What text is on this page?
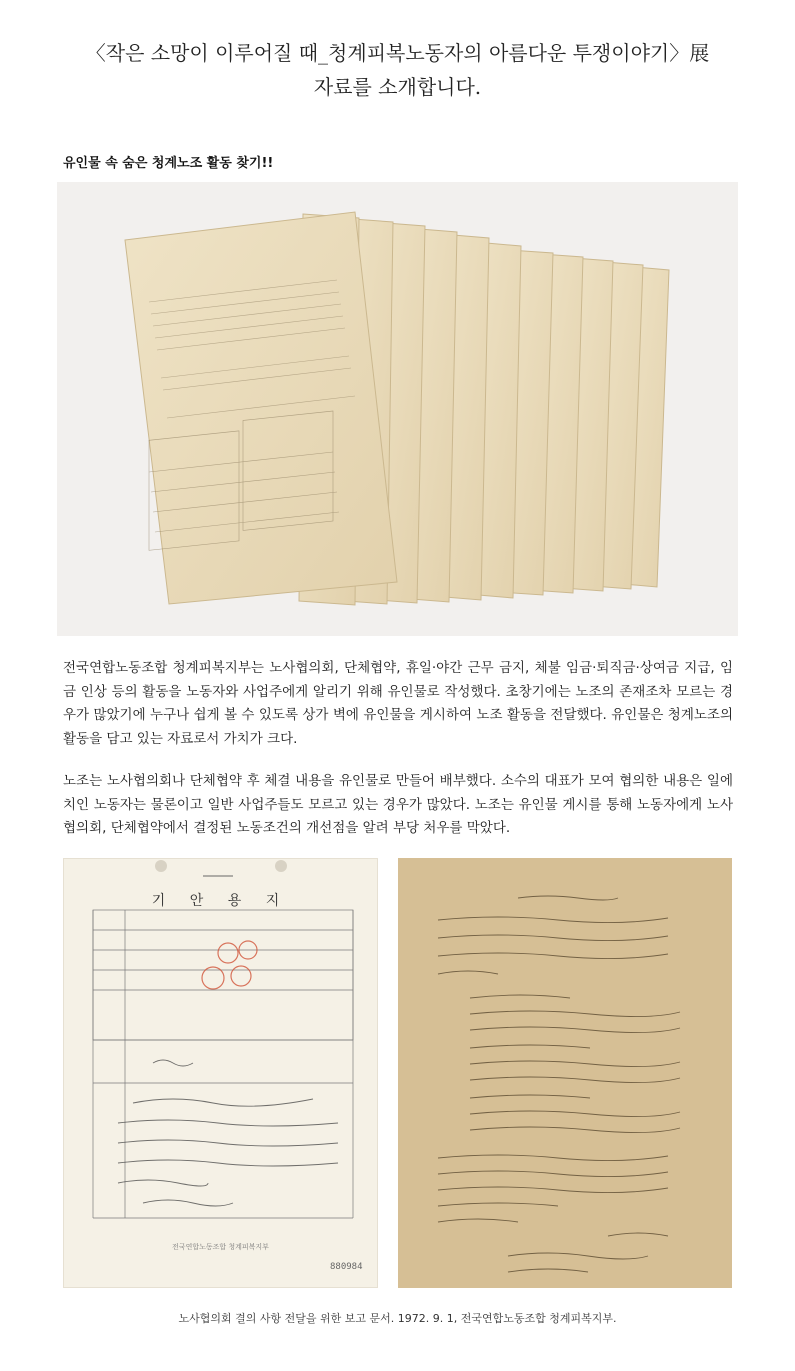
〈작은 소망이 이루어질 때_청계피복노동자의 아름다운 투쟁이야기〉展
자료를 소개합니다.
유인물 속 숨은 청계노조 활동 찾기!!

전국연합노동조합 청계피복지부는 노사협의회, 단체협약, 휴일·야간 근무 금지, 체불 임금·퇴직금·상여금 지급, 임금 인상 등의 활동을 노동자와 사업주에게 알리기 위해 유인물로 작성했다. 초창기에는 노조의 존재조차 모르는 경우가 많았기에 누구나 쉽게 볼 수 있도록 상가 벽에 유인물을 게시하여 노조 활동을 전달했다. 유인물은 청계노조의 활동을 담고 있는 자료로서 가치가 크다.

노조는 노사협의회나 단체협약 후 체결 내용을 유인물로 만들어 배부했다. 소수의 대표가 모여 협의한 내용은 일에 치인 노동자는 물론이고 일반 사업주들도 모르고 있는 경우가 많았다. 노조는 유인물 게시를 통해 노동자에게 노사협의회, 단체협약에서 결정된 노동조건의 개선점을 알려 부당 처우를 막았다.

기 안 용 지
전국연합노동조합 청계피복지부
880984
노사협의회 결의 사항 전달을 위한 보고 문서. 1972. 9. 1, 전국연합노동조합 청계피복지부.
